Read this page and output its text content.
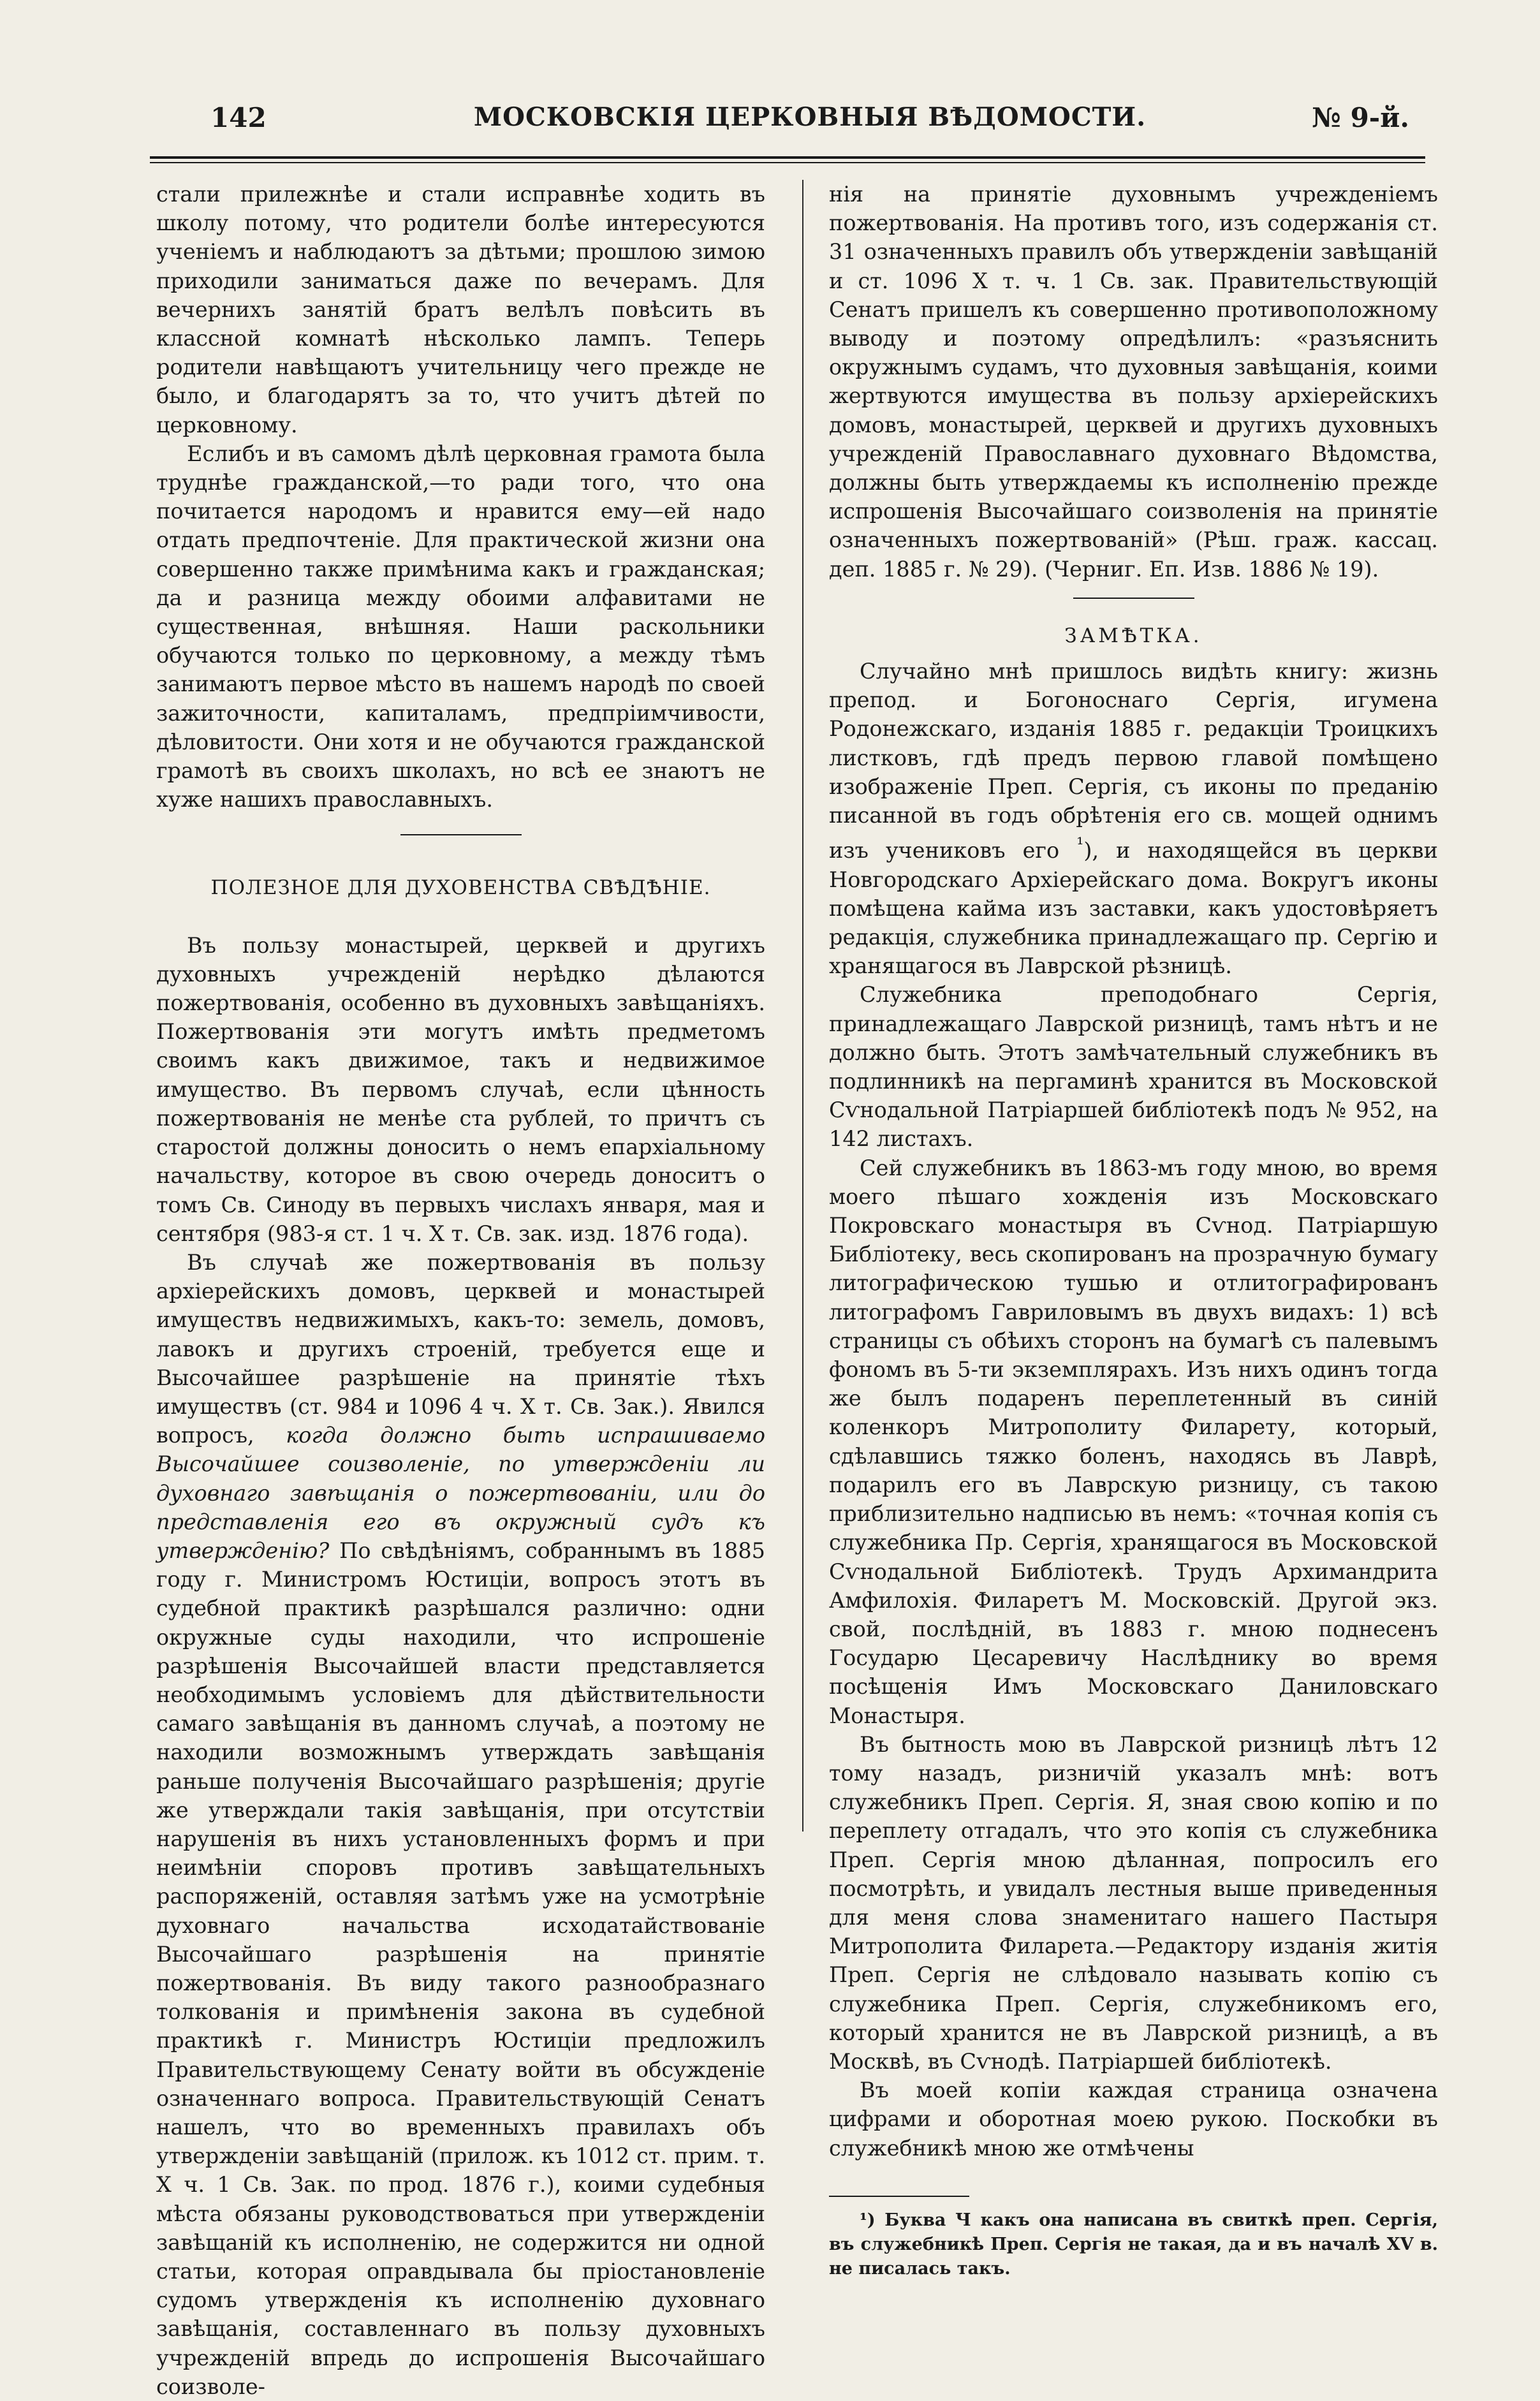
142	МОСКОВСКІЯ ЦЕРКОВНЫЯ ВѢДОМОСТИ.	№ 9-й.

стали прилежнѣе и стали исправнѣе ходить въ школу потому, что родители болѣе интересуются ученіемъ и наблюдаютъ за дѣтьми; прошлою зимою приходили заниматься даже по вечерамъ. Для вечернихъ занятій братъ велѣлъ повѣсить въ классной комнатѣ нѣсколько лампъ. Теперь родители навѣщаютъ учительницу чего прежде не было, и благодарятъ за то, что учитъ дѣтей по церковному.

Еслибъ и въ самомъ дѣлѣ церковная грамота была труднѣе гражданской,—то ради того, что она почитается народомъ и нравится ему—ей надо отдать предпочтеніе. Для практической жизни она совершенно также примѣнима какъ и гражданская; да и разница между обоими алфавитами не существенная, внѣшняя. Наши раскольники обучаются только по церковному, а между тѣмъ занимаютъ первое мѣсто въ нашемъ народѣ по своей зажиточности, капиталамъ, предпріимчивости, дѣловитости. Они хотя и не обучаются гражданской грамотѣ въ своихъ школахъ, но всѣ ее знаютъ не хуже нашихъ православныхъ.

ПОЛЕЗНОЕ ДЛЯ ДУХОВЕНСТВА СВѢДѢНІЕ.

Въ пользу монастырей, церквей и другихъ духовныхъ учрежденій нерѣдко дѣлаются пожертвованія, особенно въ духовныхъ завѣщаніяхъ. Пожертвованія эти могутъ имѣть предметомъ своимъ какъ движимое, такъ и недвижимое имущество. Въ первомъ случаѣ, если цѣнность пожертвованія не менѣе ста рублей, то причтъ съ старостой должны доносить о немъ епархіальному начальству, которое въ свою очередь доноситъ о томъ Св. Синоду въ первыхъ числахъ января, мая и сентября (983-я ст. 1 ч. X т. Св. зак. изд. 1876 года).

Въ случаѣ же пожертвованія въ пользу архіерейскихъ домовъ, церквей и монастырей имуществъ недвижимыхъ, какъ-то: земель, домовъ, лавокъ и другихъ строеній, требуется еще и Высочайшее разрѣшеніе на принятіе тѣхъ имуществъ (ст. 984 и 1096 4 ч. X т. Св. Зак.). Явился вопросъ, когда должно быть испрашиваемо Высочайшее соизволеніе, по утвержденіи ли духовнаго завѣщанія о пожертвованіи, или до представленія его въ окружный судъ къ утвержденію? По свѣдѣніямъ, собраннымъ въ 1885 году г. Министромъ Юстиціи, вопросъ этотъ въ судебной практикѣ разрѣшался различно: одни окружные суды находили, что испрошеніе разрѣшенія Высочайшей власти представляется необходимымъ условіемъ для дѣйствительности самаго завѣщанія въ данномъ случаѣ, а поэтому не находили возможнымъ утверждать завѣщанія раньше полученія Высочайшаго разрѣшенія; другіе же утверждали такія завѣщанія, при отсутствіи нарушенія въ нихъ установленныхъ формъ и при неимѣніи споровъ противъ завѣщательныхъ распоряженій, оставляя затѣмъ уже на усмотрѣніе духовнаго начальства исходатайствованіе Высочайшаго разрѣшенія на принятіе пожертвованія. Въ виду такого разнообразнаго толкованія и примѣненія закона въ судебной практикѣ г. Министръ Юстиціи предложилъ Правительствующему Сенату войти въ обсужденіе означеннаго вопроса. Правительствующій Сенатъ нашелъ, что во временныхъ правилахъ объ утвержденіи завѣщаній (прилож. къ 1012 ст. прим. т. X ч. 1 Св. Зак. по прод. 1876 г.), коими судебныя мѣста обязаны руководствоваться при утвержденіи завѣщаній къ исполненію, не содержится ни одной статьи, которая оправдывала бы пріостановленіе судомъ утвержденія къ исполненію духовнаго завѣщанія, составленнаго въ пользу духовныхъ учрежденій впредь до испрошенія Высочайшаго соизволе-

нія на принятіе духовнымъ учрежденіемъ пожертвованія. На противъ того, изъ содержанія ст. 31 означенныхъ правилъ объ утвержденіи завѣщаній и ст. 1096 X т. ч. 1 Св. зак. Правительствующій Сенатъ пришелъ къ совершенно противоположному выводу и поэтому опредѣлилъ: «разъяснить окружнымъ судамъ, что духовныя завѣщанія, коими жертвуются имущества въ пользу архіерейскихъ домовъ, монастырей, церквей и другихъ духовныхъ учрежденій Православнаго духовнаго Вѣдомства, должны быть утверждаемы къ исполненію прежде испрошенія Высочайшаго соизволенія на принятіе означенныхъ пожертвованій» (Рѣш. граж. кассац. деп. 1885 г. № 29). (Черниг. Еп. Изв. 1886 № 19).

ЗАМѢТКА.

Случайно мнѣ пришлось видѣть книгу: жизнь препод. и Богоноснаго Сергія, игумена Родонежскаго, изданія 1885 г. редакціи Троицкихъ листковъ, гдѣ предъ первою главой помѣщено изображеніе Преп. Сергія, съ иконы по преданію писанной въ годъ обрѣтенія его св. мощей однимъ изъ учениковъ его $^{^1}$), и находящейся въ церкви Новгородскаго Архіерейскаго дома. Вокругъ иконы помѣщена кайма изъ заставки, какъ удостовѣряетъ редакція, служебника принадлежащаго пр. Сергію и хранящагося въ Лаврской рѣзницѣ.

Служебника преподобнаго Сергія, принадлежащаго Лаврской ризницѣ, тамъ нѣтъ и не должно быть. Этотъ замѣчательный служебникъ въ подлинникѣ на пергаминѣ хранится въ Московской Сѵнодальной Патріаршей библіотекѣ подъ № 952, на 142 листахъ.

Сей служебникъ въ 1863-мъ году мною, во время моего пѣшаго хожденія изъ Московскаго Покровскаго монастыря въ Сѵнод. Патріаршую Библіотеку, весь скопированъ на прозрачную бумагу литографическою тушью и отлитографированъ литографомъ Гавриловымъ въ двухъ видахъ: 1) всѣ страницы съ обѣихъ сторонъ на бумагѣ съ палевымъ фономъ въ 5-ти экземплярахъ. Изъ нихъ одинъ тогда же былъ подаренъ переплетенный въ синій коленкоръ Митрополиту Филарету, который, сдѣлавшись тяжко боленъ, находясь въ Лаврѣ, подарилъ его въ Лаврскую ризницу, съ такою приблизительно надписью въ немъ: «точная копія съ служебника Пр. Сергія, хранящагося въ Московской Сѵнодальной Библіотекѣ. Трудъ Архимандрита Амфилохія. Филаретъ М. Московскій. Другой экз. свой, послѣдній, въ 1883 г. мною поднесенъ Государю Цесаревичу Наслѣднику во время посѣщенія Имъ Московскаго Даниловскаго Монастыря.

Въ бытность мою въ Лаврской ризницѣ лѣтъ 12 тому назадъ, ризничій указалъ мнѣ: вотъ служебникъ Преп. Сергія. Я, зная свою копію и по переплету отгадалъ, что это копія съ служебника Преп. Сергія мною дѣланная, попросилъ его посмотрѣть, и увидалъ лестныя выше приведенныя для меня слова знаменитаго нашего Пастыря Митрополита Филарета.—Редактору изданія житія Преп. Сергія не слѣдовало называть копію съ служебника Преп. Сергія, служебникомъ его, который хранится не въ Лаврской ризницѣ, а въ Москвѣ, въ Сѵнодѣ. Патріаршей библіотекѣ.

Въ моей копіи каждая страница означена цифрами и оборотная моею рукою. Поскобки въ служебникѣ мною же отмѣчены

¹) Буква Ч какъ она написана въ свиткѣ преп. Сергія, въ служебникѣ Преп. Сергія не такая, да и въ началѣ XV в. не писалась такъ.
